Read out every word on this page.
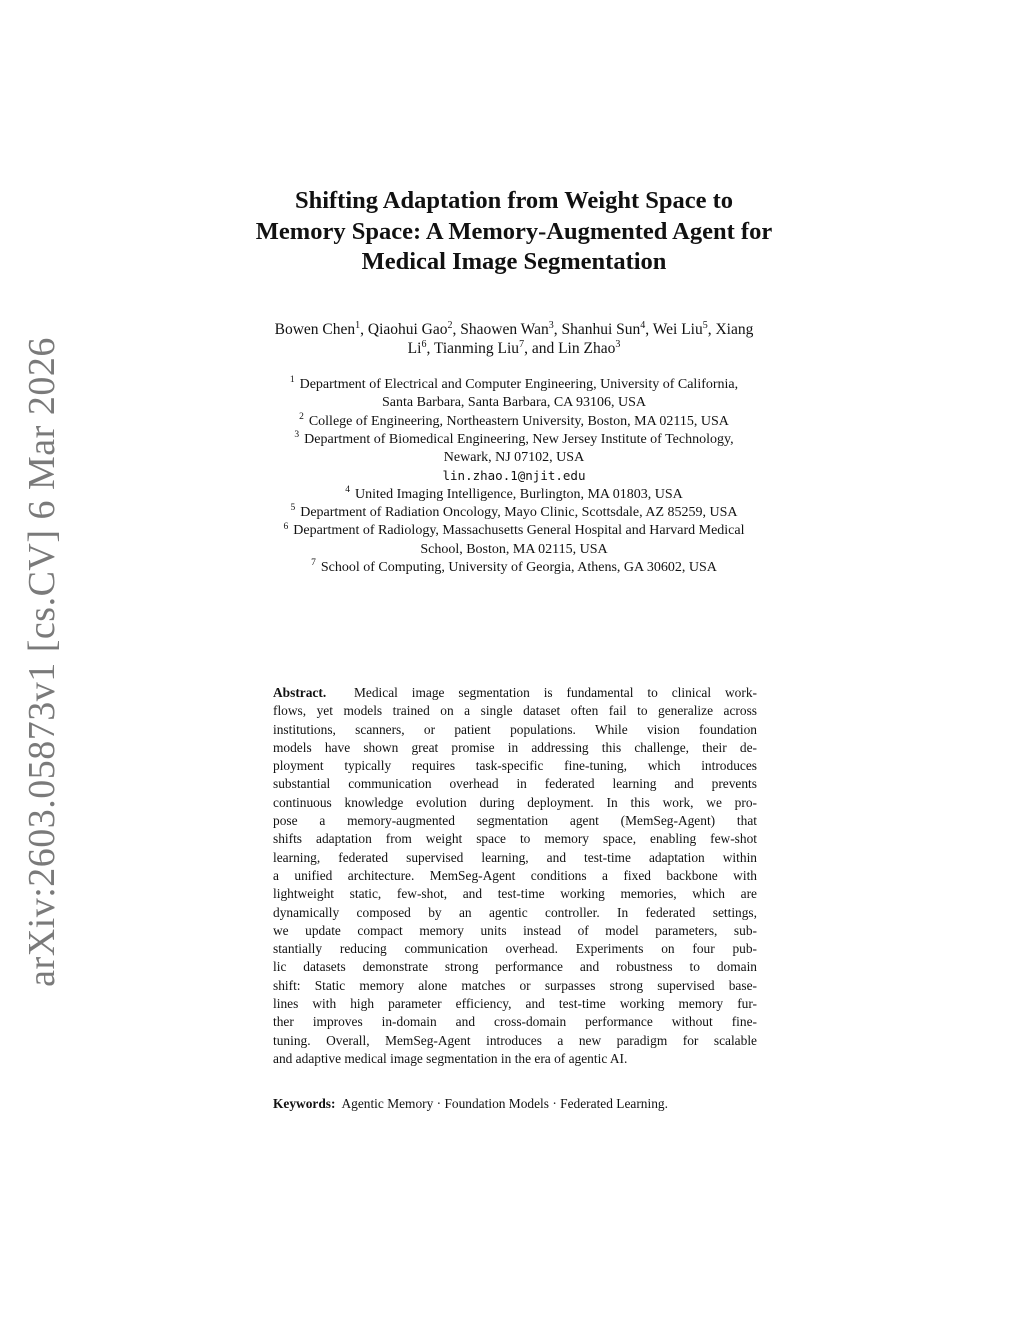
arXiv:2603.05873v1 [cs.CV] 6 Mar 2026
Shifting Adaptation from Weight Space to
Memory Space: A Memory-Augmented Agent for
Medical Image Segmentation
Bowen Chen$^1$, Qiaohui Gao$^2$, Shaowen Wan$^3$, Shanhui Sun$^4$, Wei Liu$^5$, Xiang
Li$^6$, Tianming Liu$^7$, and Lin Zhao$^3$
$^1$ Department of Electrical and Computer Engineering, University of California,
Santa Barbara, Santa Barbara, CA 93106, USA
$^2$ College of Engineering, Northeastern University, Boston, MA 02115, USA
$^3$ Department of Biomedical Engineering, New Jersey Institute of Technology,
Newark, NJ 07102, USA
lin.zhao.1@njit.edu
$^4$ United Imaging Intelligence, Burlington, MA 01803, USA
$^5$ Department of Radiation Oncology, Mayo Clinic, Scottsdale, AZ 85259, USA
$^6$ Department of Radiology, Massachusetts General Hospital and Harvard Medical
School, Boston, MA 02115, USA
$^7$ School of Computing, University of Georgia, Athens, GA 30602, USA
Abstract. Medical image segmentation is fundamental to clinical work-
flows, yet models trained on a single dataset often fail to generalize across
institutions, scanners, or patient populations. While vision foundation
models have shown great promise in addressing this challenge, their de-
ployment typically requires task-specific fine-tuning, which introduces
substantial communication overhead in federated learning and prevents
continuous knowledge evolution during deployment. In this work, we pro-
pose a memory-augmented segmentation agent (MemSeg-Agent) that
shifts adaptation from weight space to memory space, enabling few-shot
learning, federated supervised learning, and test-time adaptation within
a unified architecture. MemSeg-Agent conditions a fixed backbone with
lightweight static, few-shot, and test-time working memories, which are
dynamically composed by an agentic controller. In federated settings,
we update compact memory units instead of model parameters, sub-
stantially reducing communication overhead. Experiments on four pub-
lic datasets demonstrate strong performance and robustness to domain
shift: Static memory alone matches or surpasses strong supervised base-
lines with high parameter efficiency, and test-time working memory fur-
ther improves in-domain and cross-domain performance without fine-
tuning. Overall, MemSeg-Agent introduces a new paradigm for scalable
and adaptive medical image segmentation in the era of agentic AI.
Keywords: Agentic Memory · Foundation Models · Federated Learning.
